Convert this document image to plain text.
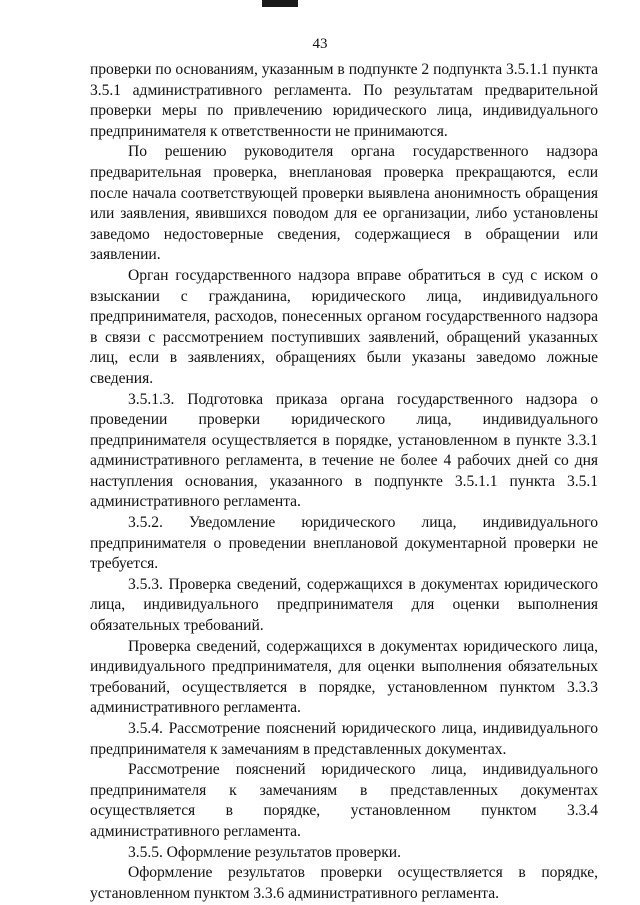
43

проверки по основаниям, указанным в подпункте 2 подпункта 3.5.1.1 пункта 3.5.1 административного регламента. По результатам предварительной проверки меры по привлечению юридического лица, индивидуального предпринимателя к ответственности не принимаются.

По решению руководителя органа государственного надзора предварительная проверка, внеплановая проверка прекращаются, если после начала соответствующей проверки выявлена анонимность обращения или заявления, явившихся поводом для ее организации, либо установлены заведомо недостоверные сведения, содержащиеся в обращении или заявлении.

Орган государственного надзора вправе обратиться в суд с иском о взыскании с гражданина, юридического лица, индивидуального предпринимателя, расходов, понесенных органом государственного надзора в связи с рассмотрением поступивших заявлений, обращений указанных лиц, если в заявлениях, обращениях были указаны заведомо ложные сведения.

3.5.1.3. Подготовка приказа органа государственного надзора о проведении проверки юридического лица, индивидуального предпринимателя осуществляется в порядке, установленном в пункте 3.3.1 административного регламента, в течение не более 4 рабочих дней со дня наступления основания, указанного в подпункте 3.5.1.1 пункта 3.5.1 административного регламента.

3.5.2. Уведомление юридического лица, индивидуального предпринимателя о проведении внеплановой документарной проверки не требуется.

3.5.3. Проверка сведений, содержащихся в документах юридического лица, индивидуального предпринимателя для оценки выполнения обязательных требований.

Проверка сведений, содержащихся в документах юридического лица, индивидуального предпринимателя, для оценки выполнения обязательных требований, осуществляется в порядке, установленном пунктом 3.3.3 административного регламента.

3.5.4. Рассмотрение пояснений юридического лица, индивидуального предпринимателя к замечаниям в представленных документах.

Рассмотрение пояснений юридического лица, индивидуального предпринимателя к замечаниям в представленных документах осуществляется в порядке, установленном пунктом 3.3.4 административного регламента.

3.5.5. Оформление результатов проверки.

Оформление результатов проверки осуществляется в порядке, установленном пунктом 3.3.6 административного регламента.
